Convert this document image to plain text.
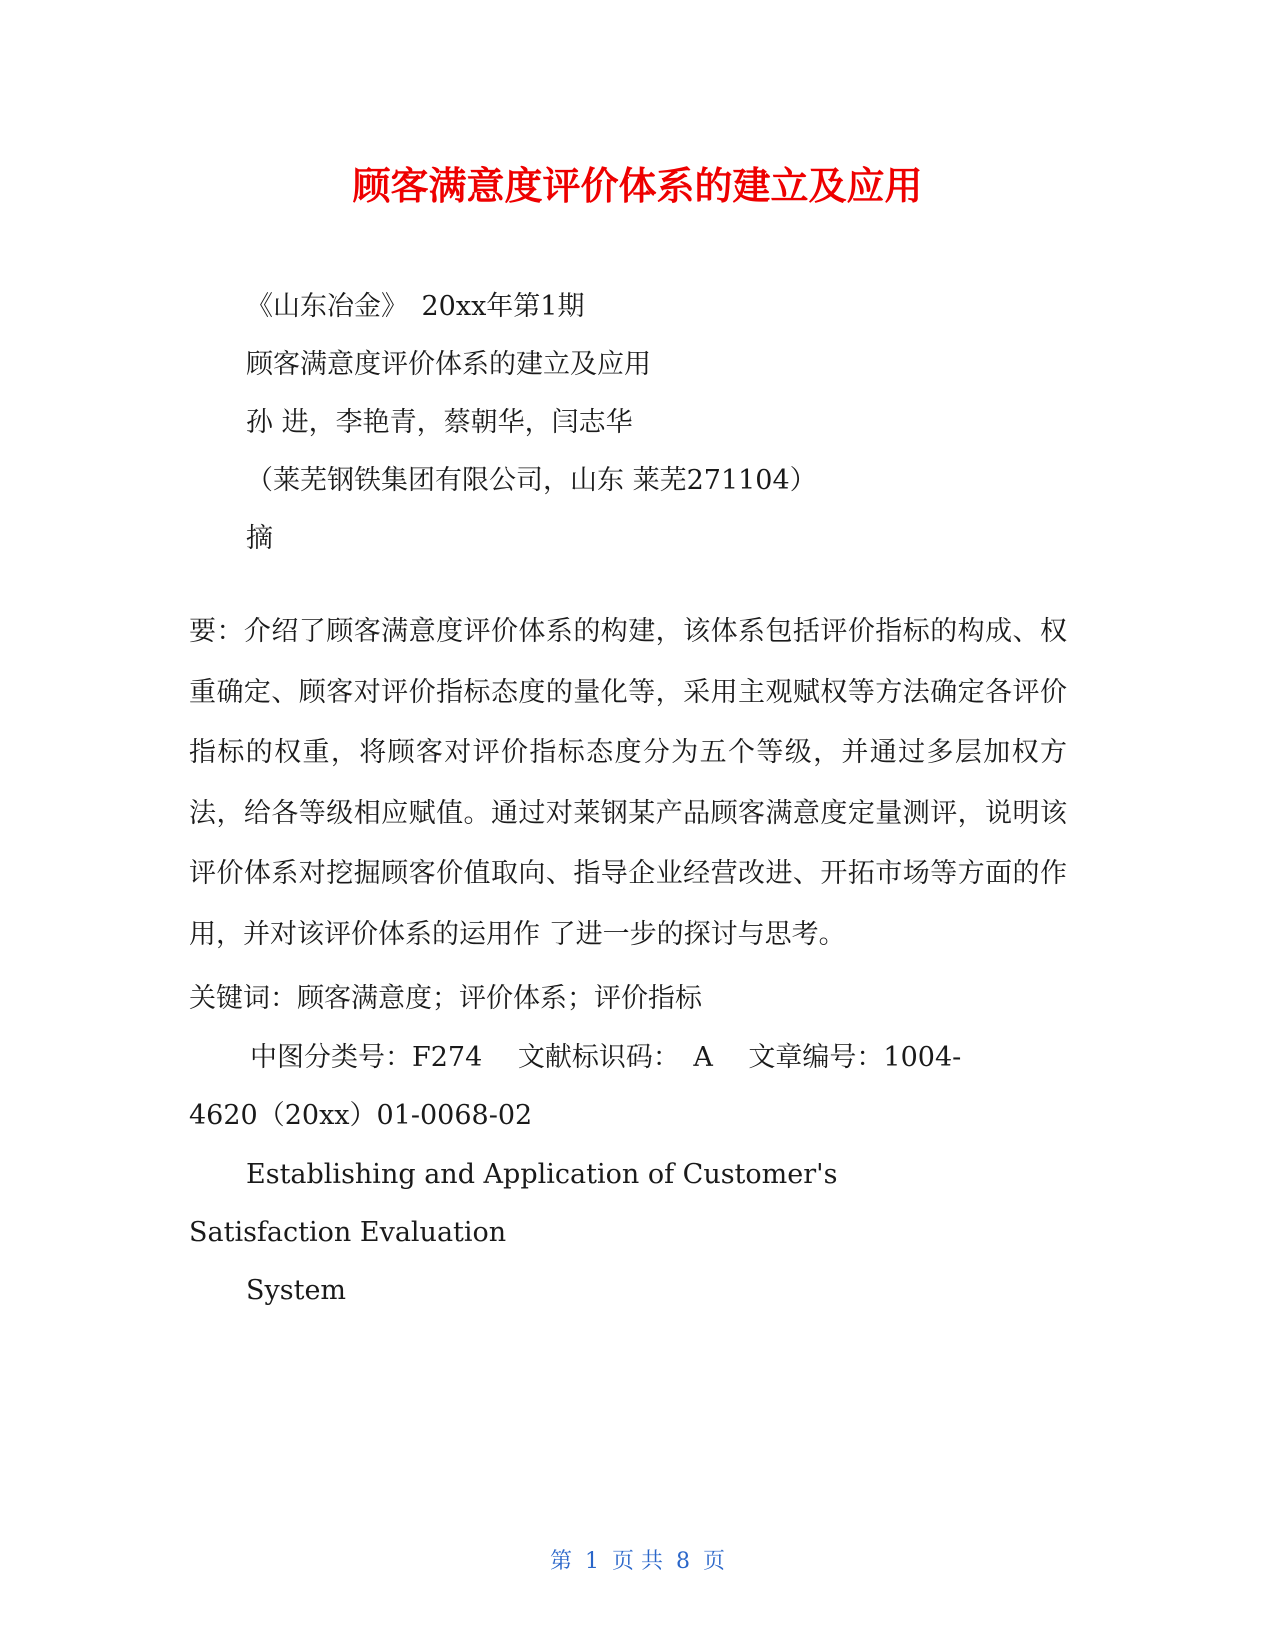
顾客满意度评价体系的建立及应用
《山东冶金》　20xx年第1期
顾客满意度评价体系的建立及应用
孙 进，李艳青，蔡朝华，闫志华
（莱芜钢铁集团有限公司，山东 莱芜271104）
摘
要：介绍了顾客满意度评价体系的构建，该体系包括评价指标的构成、权重确定、顾客对评价指标态度的量化等，采用主观赋权等方法确定各评价指标的权重，将顾客对评价指标态度分为五个等级，并通过多层加权方法，给各等级相应赋值。通过对莱钢某产品顾客满意度定量测评，说明该评价体系对挖掘顾客价值取向、指导企业经营改进、开拓市场等方面的作用，并对该评价体系的运用作 了进一步的探讨与思考。
关键词：顾客满意度；评价体系；评价指标
中图分类号：F274　 文献标识码：　A　 文章编号：1004-
4620（20xx）01-0068-02
Establishing and Application of Customer's
Satisfaction Evaluation
System
第 1 页 共 8 页
